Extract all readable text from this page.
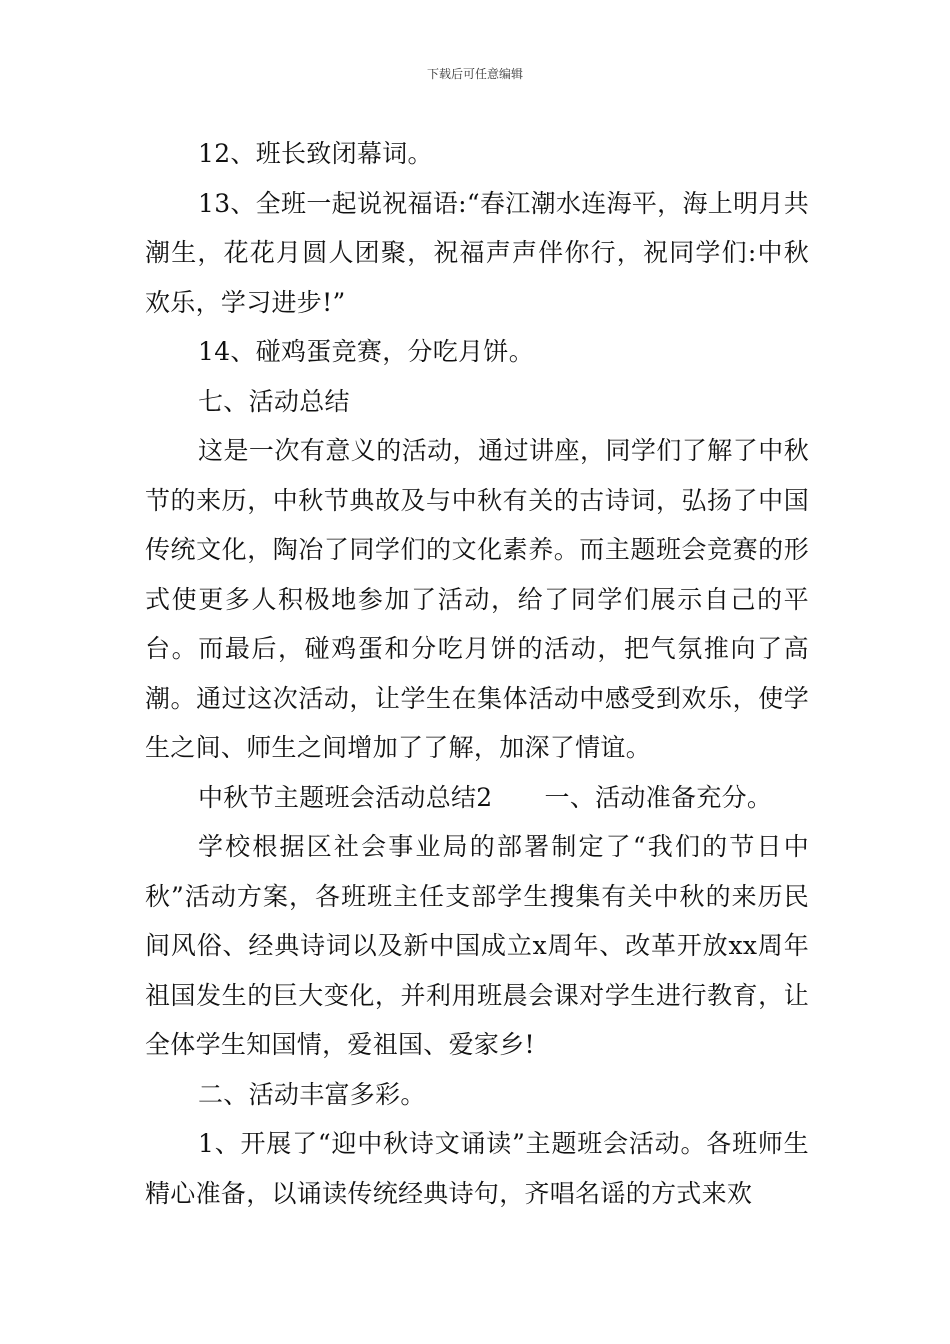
下载后可任意编辑

12、班长致闭幕词。

13、全班一起说祝福语:“春江潮水连海平，海上明月共潮生，花花月圆人团聚，祝福声声伴你行，祝同学们:中秋欢乐，学习进步!”

14、碰鸡蛋竞赛，分吃月饼。

七、活动总结

这是一次有意义的活动，通过讲座，同学们了解了中秋节的来历，中秋节典故及与中秋有关的古诗词，弘扬了中国传统文化，陶冶了同学们的文化素养。而主题班会竞赛的形式使更多人积极地参加了活动，给了同学们展示自己的平台。而最后，碰鸡蛋和分吃月饼的活动，把气氛推向了高潮。通过这次活动，让学生在集体活动中感受到欢乐，使学生之间、师生之间增加了了解，加深了情谊。

中秋节主题班会活动总结2 一、活动准备充分。

学校根据区社会事业局的部署制定了“我们的节日中秋”活动方案，各班班主任支部学生搜集有关中秋的来历民间风俗、经典诗词以及新中国成立x周年、改革开放xx周年祖国发生的巨大变化，并利用班晨会课对学生进行教育，让全体学生知国情，爱祖国、爱家乡!

二、活动丰富多彩。

1、开展了“迎中秋诗文诵读”主题班会活动。各班师生精心准备，以诵读传统经典诗句，齐唱名谣的方式来欢
